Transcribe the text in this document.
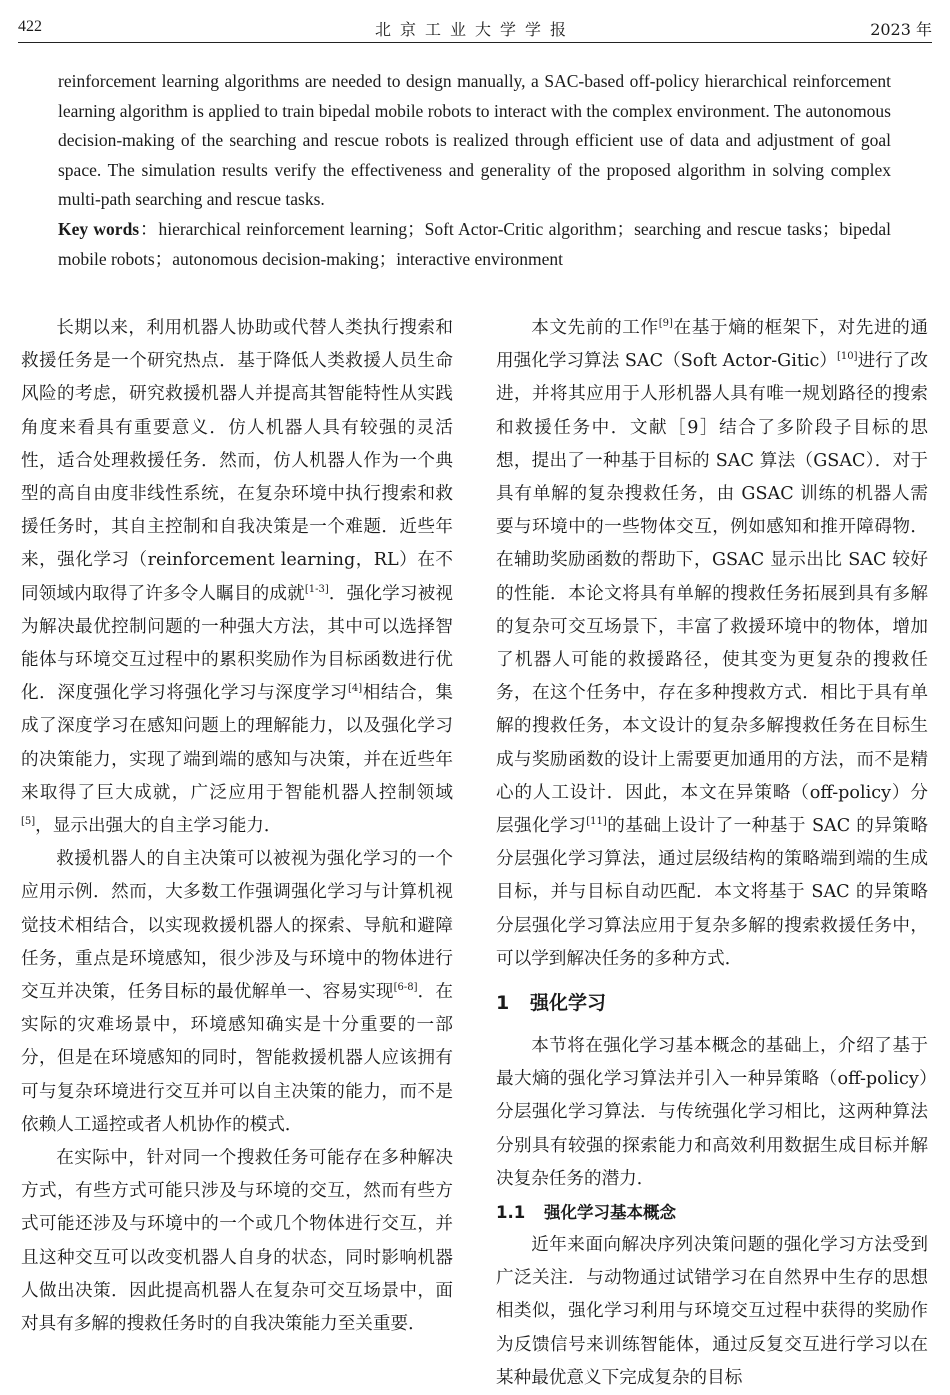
422	北京工业大学学报	2023 年

reinforcement learning algorithms are needed to design manually, a SAC-based off-policy hierarchical reinforcement learning algorithm is applied to train bipedal mobile robots to interact with the complex environment. The autonomous decision-making of the searching and rescue robots is realized through efficient use of data and adjustment of goal space. The simulation results verify the effectiveness and generality of the proposed algorithm in solving complex multi-path searching and rescue tasks.

Key words：hierarchical reinforcement learning；Soft Actor-Critic algorithm；searching and rescue tasks；bipedal mobile robots；autonomous decision-making；interactive environment

长期以来，利用机器人协助或代替人类执行搜索和救援任务是一个研究热点．基于降低人类救援人员生命风险的考虑，研究救援机器人并提高其智能特性从实践角度来看具有重要意义．仿人机器人具有较强的灵活性，适合处理救援任务．然而，仿人机器人作为一个典型的高自由度非线性系统，在复杂环境中执行搜索和救援任务时，其自主控制和自我决策是一个难题．近些年来，强化学习（reinforcement learning，RL）在不同领域内取得了许多令人瞩目的成就[1-3]．强化学习被视为解决最优控制问题的一种强大方法，其中可以选择智能体与环境交互过程中的累积奖励作为目标函数进行优化．深度强化学习将强化学习与深度学习[4]相结合，集成了深度学习在感知问题上的理解能力，以及强化学习的决策能力，实现了端到端的感知与决策，并在近些年来取得了巨大成就，广泛应用于智能机器人控制领域[5]，显示出强大的自主学习能力．

救援机器人的自主决策可以被视为强化学习的一个应用示例．然而，大多数工作强调强化学习与计算机视觉技术相结合，以实现救援机器人的探索、导航和避障任务，重点是环境感知，很少涉及与环境中的物体进行交互并决策，任务目标的最优解单一、容易实现[6-8]．在实际的灾难场景中，环境感知确实是十分重要的一部分，但是在环境感知的同时，智能救援机器人应该拥有可与复杂环境进行交互并可以自主决策的能力，而不是依赖人工遥控或者人机协作的模式．

在实际中，针对同一个搜救任务可能存在多种解决方式，有些方式可能只涉及与环境的交互，然而有些方式可能还涉及与环境中的一个或几个物体进行交互，并且这种交互可以改变机器人自身的状态，同时影响机器人做出决策．因此提高机器人在复杂可交互场景中，面对具有多解的搜救任务时的自我决策能力至关重要．

本文先前的工作[9]在基于熵的框架下，对先进的通用强化学习算法 SAC（Soft Actor-Gitic）[10]进行了改进，并将其应用于人形机器人具有唯一规划路径的搜索和救援任务中．文献［9］结合了多阶段子目标的思想，提出了一种基于目标的 SAC 算法（GSAC）．对于具有单解的复杂搜救任务，由 GSAC 训练的机器人需要与环境中的一些物体交互，例如感知和推开障碍物．在辅助奖励函数的帮助下，GSAC 显示出比 SAC 较好的性能．本论文将具有单解的搜救任务拓展到具有多解的复杂可交互场景下，丰富了救援环境中的物体，增加了机器人可能的救援路径，使其变为更复杂的搜救任务，在这个任务中，存在多种搜救方式．相比于具有单解的搜救任务，本文设计的复杂多解搜救任务在目标生成与奖励函数的设计上需要更加通用的方法，而不是精心的人工设计．因此，本文在异策略（off-policy）分层强化学习[11]的基础上设计了一种基于 SAC 的异策略分层强化学习算法，通过层级结构的策略端到端的生成目标，并与目标自动匹配．本文将基于 SAC 的异策略分层强化学习算法应用于复杂多解的搜索救援任务中，可以学到解决任务的多种方式．

1 强化学习

本节将在强化学习基本概念的基础上，介绍了基于最大熵的强化学习算法并引入一种异策略（off-policy）分层强化学习算法．与传统强化学习相比，这两种算法分别具有较强的探索能力和高效利用数据生成目标并解决复杂任务的潜力．

1.1 强化学习基本概念

近年来面向解决序列决策问题的强化学习方法受到广泛关注．与动物通过试错学习在自然界中生存的思想相类似，强化学习利用与环境交互过程中获得的奖励作为反馈信号来训练智能体，通过反复交互进行学习以在某种最优意义下完成复杂的目标
